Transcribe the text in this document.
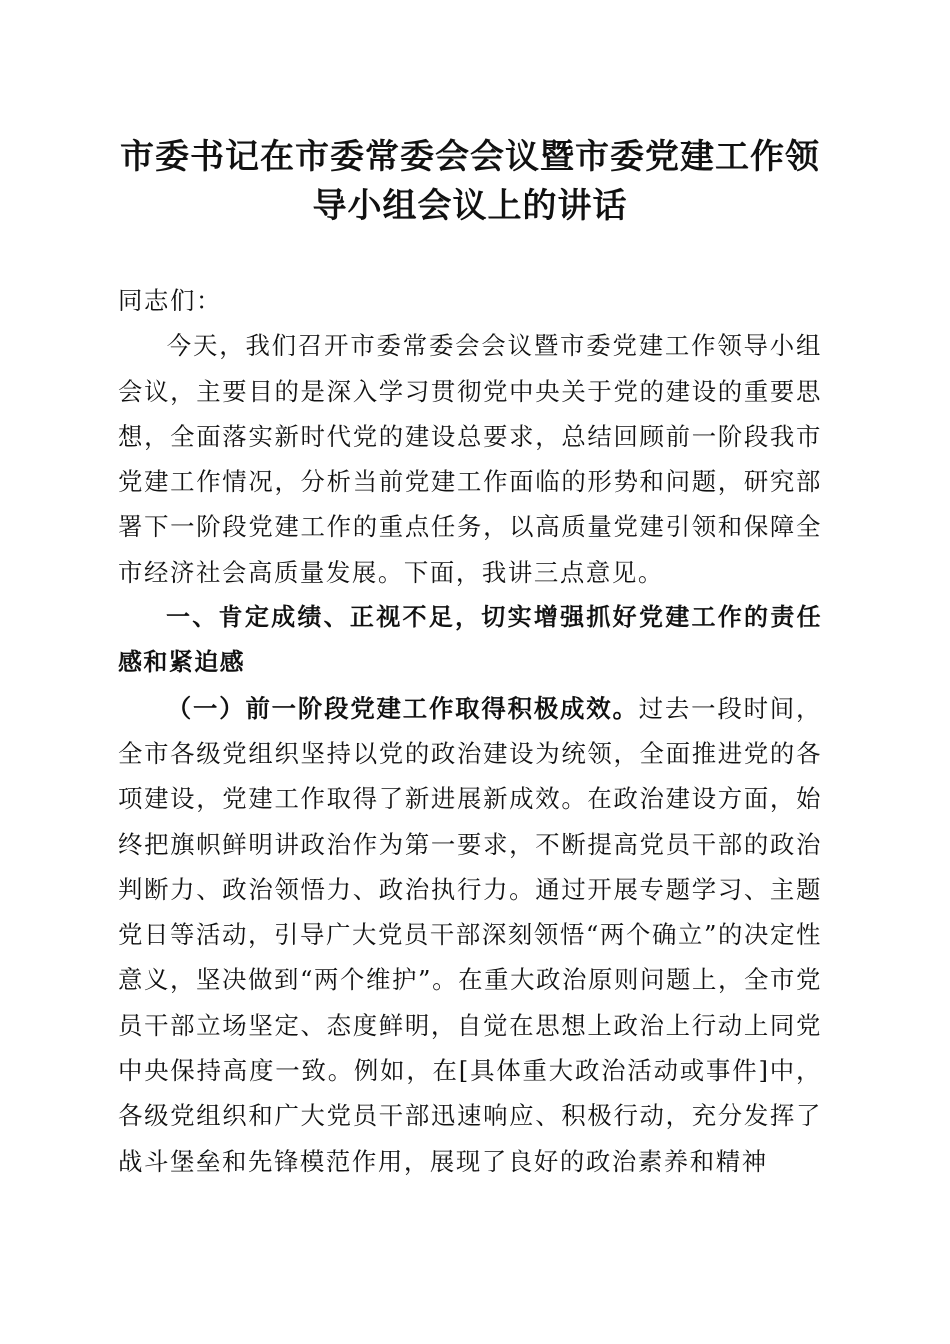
市委书记在市委常委会会议暨市委党建工作领导小组会议上的讲话

同志们：

今天，我们召开市委常委会会议暨市委党建工作领导小组会议，主要目的是深入学习贯彻党中央关于党的建设的重要思想，全面落实新时代党的建设总要求，总结回顾前一阶段我市党建工作情况，分析当前党建工作面临的形势和问题，研究部署下一阶段党建工作的重点任务，以高质量党建引领和保障全市经济社会高质量发展。下面，我讲三点意见。

一、肯定成绩、正视不足，切实增强抓好党建工作的责任感和紧迫感

（一）前一阶段党建工作取得积极成效。过去一段时间，全市各级党组织坚持以党的政治建设为统领，全面推进党的各项建设，党建工作取得了新进展新成效。在政治建设方面，始终把旗帜鲜明讲政治作为第一要求，不断提高党员干部的政治判断力、政治领悟力、政治执行力。通过开展专题学习、主题党日等活动，引导广大党员干部深刻领悟“两个确立”的决定性意义，坚决做到“两个维护”。在重大政治原则问题上，全市党员干部立场坚定、态度鲜明，自觉在思想上政治上行动上同党中央保持高度一致。例如，在[具体重大政治活动或事件]中，各级党组织和广大党员干部迅速响应、积极行动，充分发挥了战斗堡垒和先锋模范作用，展现了良好的政治素养和精神
